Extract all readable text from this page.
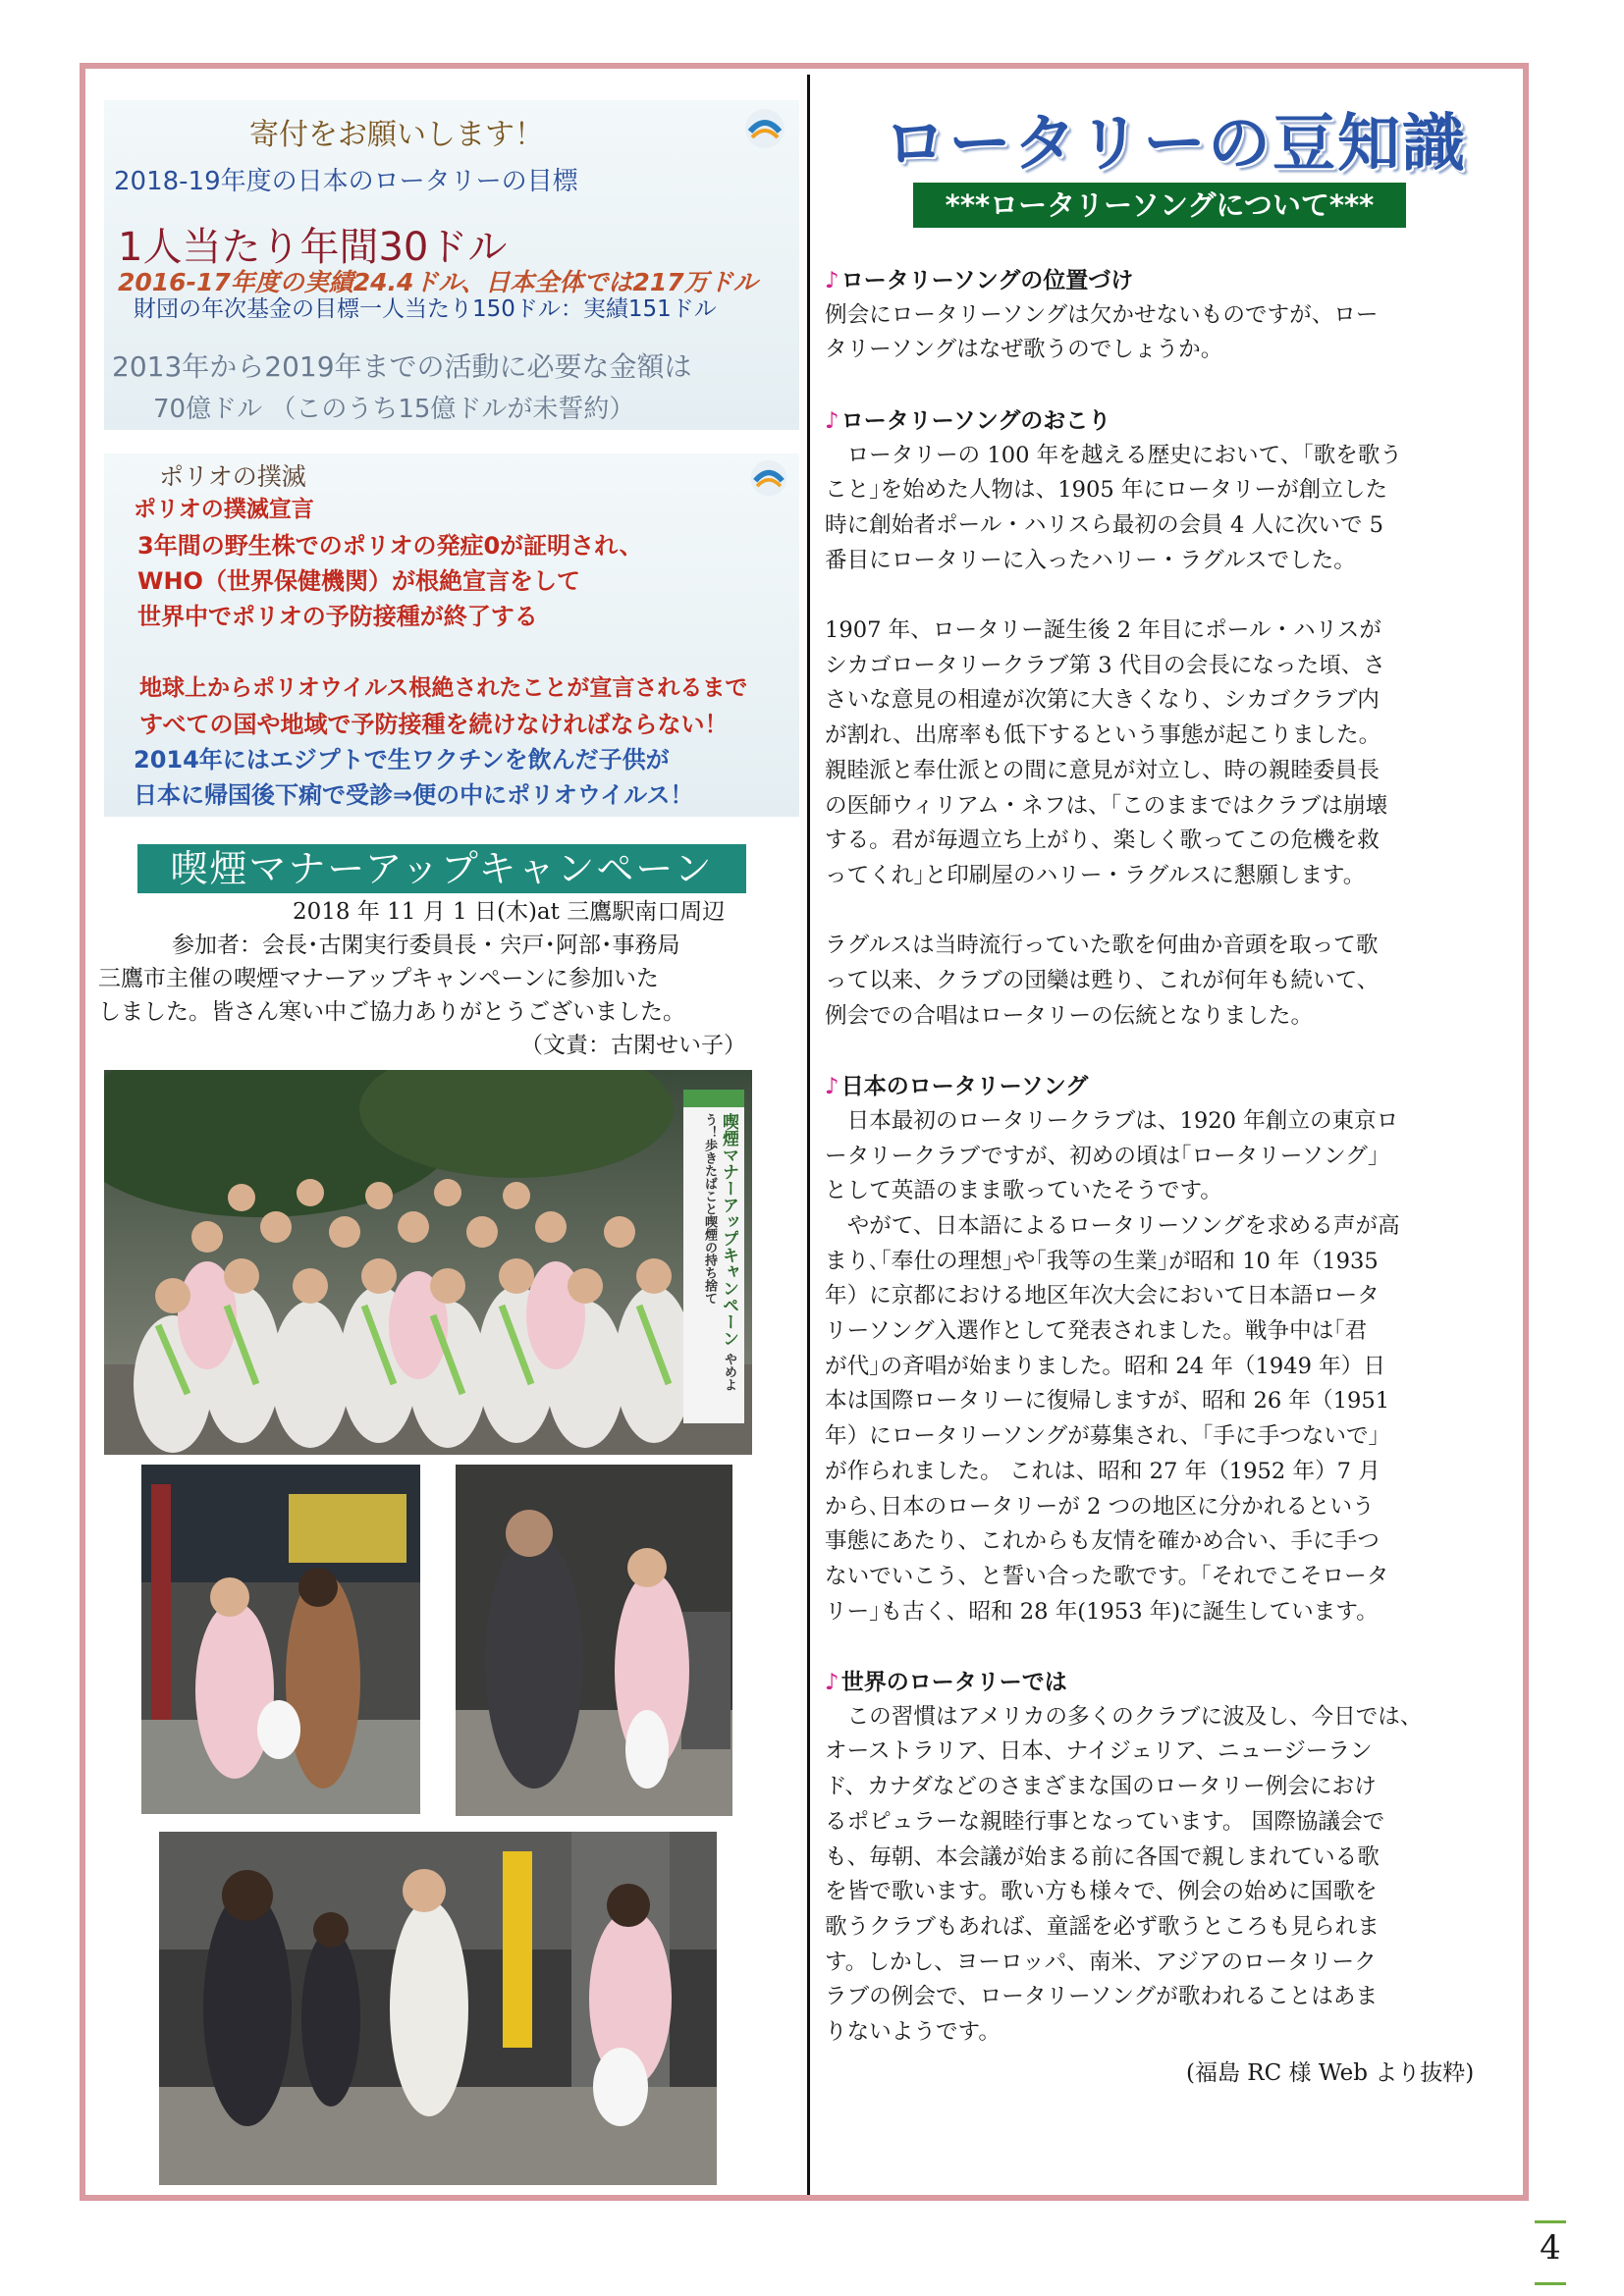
寄付をお願いします！
2018-19年度の日本のロータリーの目標
1人当たり年間30ドル
2016-17年度の実績24.4ドル、日本全体では217万ドル
財団の年次基金の目標一人当たり150ドル：実績151ドル
2013年から2019年までの活動に必要な金額は
70億ドル （このうち15億ドルが未誓約）
ポリオの撲滅
ポリオの撲滅宣言
3年間の野生株でのポリオの発症0が証明され、
WHO（世界保健機関）が根絶宣言をして
世界中でポリオの予防接種が終了する
地球上からポリオウイルス根絶されたことが宣言されるまで
すべての国や地域で予防接種を続けなければならない！
2014年にはエジプトで生ワクチンを飲んだ子供が
日本に帰国後下痢で受診⇒便の中にポリオウイルス！
喫煙マナーアップキャンペーン
2018 年 11 月 1 日(木)at 三鷹駅南口周辺
参加者：会長･古閑実行委員長・宍戸･阿部･事務局
三鷹市主催の喫煙マナーアップキャンペーンに参加いた
しました。皆さん寒い中ご協力ありがとうございました。
（文責：古閑せい子）
喫煙マナーアップキャンペーン やめよう！歩きたばこと喫煙の持ち捨て
ロータリーの豆知識
***ロータリーソングについて***
♪ロータリーソングの位置づけ

例会にロータリーソングは欠かせないものですが、ロー

タリーソングはなぜ歌うのでしょうか。

♪ロータリーソングのおこり

　ロータリーの 100 年を越える歴史において、｢歌を歌う

こと｣を始めた人物は、1905 年にロータリーが創立した

時に創始者ポール・ハリスら最初の会員 4 人に次いで 5

番目にロータリーに入ったハリー・ラグルスでした。

1907 年、ロータリー誕生後 2 年目にポール・ハリスが

シカゴロータリークラブ第 3 代目の会長になった頃、さ

さいな意見の相違が次第に大きくなり、シカゴクラブ内

が割れ、出席率も低下するという事態が起こりました。

親睦派と奉仕派との間に意見が対立し、時の親睦委員長

の医師ウィリアム・ネフは、｢このままではクラブは崩壊

する。君が毎週立ち上がり、楽しく歌ってこの危機を救

ってくれ｣と印刷屋のハリー・ラグルスに懇願します。

ラグルスは当時流行っていた歌を何曲か音頭を取って歌

って以来、クラブの団欒は甦り、これが何年も続いて、

例会での合唱はロータリーの伝統となりました。

♪日本のロータリーソング

　日本最初のロータリークラブは、1920 年創立の東京ロ

ータリークラブですが、初めの頃は｢ロータリーソング｣

として英語のまま歌っていたそうです。

　やがて、日本語によるロータリーソングを求める声が高

まり､｢奉仕の理想｣や｢我等の生業｣が昭和 10 年（1935

年）に京都における地区年次大会において日本語ロータ

リーソング入選作として発表されました。戦争中は｢君

が代｣の斉唱が始まりました。昭和 24 年（1949 年）日

本は国際ロータリーに復帰しますが、昭和 26 年（1951

年）にロータリーソングが募集され、｢手に手つないで｣

が作られました。 これは、昭和 27 年（1952 年）7 月

から､日本のロータリーが 2 つの地区に分かれるという

事態にあたり、これからも友情を確かめ合い、手に手つ

ないでいこう、と誓い合った歌です。｢それでこそロータ

リー｣も古く、昭和 28 年(1953 年)に誕生しています。

♪世界のロータリーでは

　この習慣はアメリカの多くのクラブに波及し、今日では、

オーストラリア、日本、ナイジェリア、ニュージーラン

ド、カナダなどのさまざまな国のロータリー例会におけ

るポピュラーな親睦行事となっています。 国際協議会で

も、毎朝、本会議が始まる前に各国で親しまれている歌

を皆で歌います。歌い方も様々で、例会の始めに国歌を

歌うクラブもあれば、童謡を必ず歌うところも見られま

す。しかし、ヨーロッパ、南米、アジアのロータリーク

ラブの例会で、ロータリーソングが歌われることはあま

りないようです。

(福島 RC 様 Web より抜粋)
4
